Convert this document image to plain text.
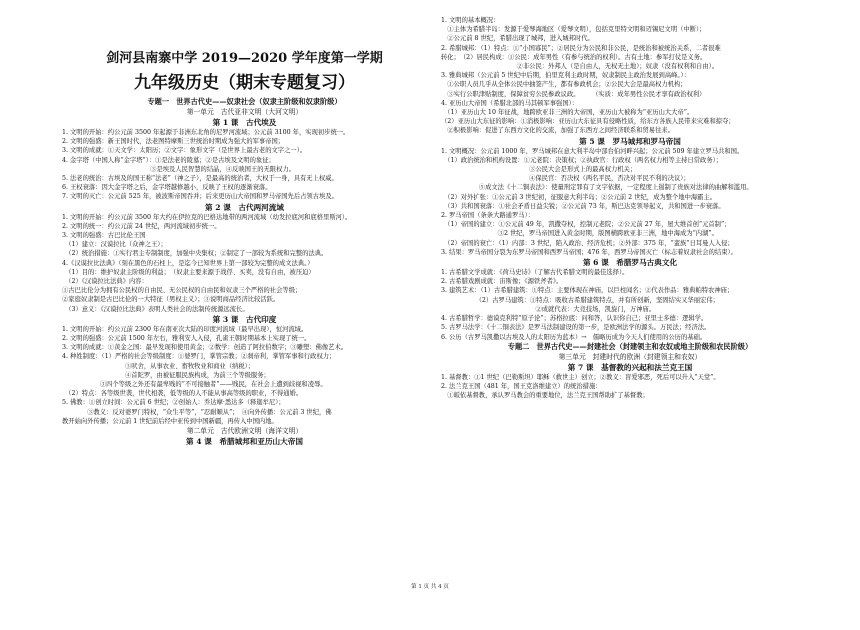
剑河县南寨中学 2019—2020 学年度第一学期
九年级历史（期末专题复习）
专题一　世界古代史——奴隶社会（奴隶主阶级和奴隶阶级）
第一单元　古代亚非文明（大河文明）
第 1 课　古代埃及
1. 文明的开始：约公元前 3500 年起源于非洲东北角的尼罗河流域；公元前 3100 年，实现初步统一。
2. 文明的强盛：新王国时代，法老图特摩斯三世统治时期成为强大的军事帝国；
3. 文明的成就：①天文学：太阳历；②文字：象形文字（是世界上最古老的文字之一）。
4. 金字塔（中国人称“金字塔”）：①是法老的陵墓；②是古埃及文明的象征；
　　　　　　　　　　　　　　③是埃及人民智慧的结晶，④反映国王的无限权力。
5. 法老的统治：古埃及的国王称“法老”（神之子），是最高的统治者，大权于一身，具有无上权威。
6. 王权衰落：因大金字塔之后，金字塔越修越小，反映了王权的逐渐衰落。
7. 文明的灭亡：公元前 525 年，被波斯帝国吞并；后来更历山大帝国和罗马帝国先后占领古埃及。
第 2 课　古代两河流域
1. 文明的开始：约公元前 3500 年大约在伊拉克的巴格达地带的两河流域（幼发拉底河和底格里斯河）。
2. 文明的统一：约公元前 24 世纪，两河流域初步统一。
3. 文明的强盛：古巴比伦王国
　（1）建立：汉谟拉比（众神之王）；
　（2）统治措施：①实行君主专制制度，加强中央集权；②制定了一部较为系统和完整的法典。
4.《汉谟拉比法典》（刻在黑色的石柱上，是迄今已知世界上第一部较为完整的成文法典。）
　（1）目的：维护奴隶主阶级的利益；　（奴隶主要来源于战俘、买卖，没有自由，被压迫）
　（2）《汉谟拉比法典》内容：
①古巴比伦分为拥有公民权的自由民、无公民权的自由民和奴隶三个严格的社会等级；
②家庭奴隶制是古巴比伦的一大特征（男权主义）；③说明商品经济比较活跃。
　（3）意义：《汉谟拉比法典》表明人类社会的法制传统源远流长。
第 3 课　古代印度
1. 文明的开始：约公元前 2300 年在南亚次大陆的印度河流域（最早出现），恒河流域。
2. 文明的强盛：公元前 1500 年左右，雅利安人入侵，孔雀王朝时期基本上实现了统一。
3. 文明的成就：①黄金之国：最早发现和使用黄金；②数学：创造了阿拉伯数字；③雕塑：佛像艺术。
4. 种姓制度：（1）严格的社会等级制度：①婆罗门，掌管宗教；②刹帝利，掌管军事和行政权力；
　　　　　　　　　　③吠舍，从事农业、畜牧牧业和商业（纳税）；
　　　　　　　　　　④首陀罗，由被征服民族构成，为前三个等级服务；
　　　　　　③四个等级之外还有最卑贱的“不可接触者”——贱民，在社会上遭到歧视和凌辱。
　（2）特点：各等级世袭，世代相袭，低等级的人不能从事高等级的职业，不得通婚。
5. 佛教：①创立时间：公元前 6 世纪；②创始人：乔达摩·悉达多（释迦牟尼）；
　　　　③教义：反对婆罗门特权，“众生平等”，“忍耐顺从”；　④向外传播：公元前 3 世纪，佛
教开始向外传播；公元前 1 世纪前后经中亚传到中国新疆，再传入中国内地。
第二单元　古代欧洲文明（海洋文明）
第 4 课　希腊城邦和亚历山大帝国
1. 文明的基本概况：
　①主体为希腊半岛：发源于爱琴海地区（爱琴文明），包括克里特文明和迈锡尼文明（中断）；
　②公元前 8 世纪，希腊出现了城邦，进入城邦时代。
2. 希腊城邦：（1）特点：①“小国寡民”；②居民分为公民和非公民，是统治和被统治关系，二者很难
转化；　（2）居民构成：①公民：成年男性（有参与统治的权利）。古有土地：参军打仗是义务。
　　　　　　　　　　　　②非公民：外邦人（是自由人，无权无土地）；奴隶（没有权利和自由）。
3. 雅典城邦（公元前 5 世纪中后期，伯里克利主政时期，奴隶制民主政治发展到高峰。）：
　①公职人员几乎从全体公民中抽签产生，都有参政机会；②公民大会是最高权力机构；
　③实行公职津贴制度，保障贫穷公民参政议政。　　　（实质：成年男性公民才享有政治权利）
4. 亚历山大帝国（希腊北部的马其顿军事强国）：
　（1）亚历山大 10 年征战，地跨欧亚非三洲的大帝国，亚历山大被称为“亚历山大大帝”。
（2）亚历山大东征的影响：①消极影响：亚历山大东征具有侵略性质，给东方各族人民带来灾难和掠夺；
　②积极影响：促进了东西方文化的交流，加强了东西方之间经济联系和贸易往来。
第 5 课　罗马城邦和罗马帝国
1. 文明概况：公元前 1000 年，罗马城邦在意大利半岛中部台伯河畔兴起；公元前 509 年建立罗马共和国。
　（1）政治统治和机构设置：①元老院：决策权；②执政官：行政权（两名权力相等主持日常政务）；
　　　　　　　　　　　　　　③公民大会是形式上的最高权力机关；
　　　　　　　　　　　　　　④保民官：否决权（两名平民，否决对平民不利的决议）；
　　　　　　⑤成文法《十二铜表法》：使量刑定罪有了文字依据，一定程度上遏制了贵族对法律的曲解和滥用。
　（2）对外扩张：①公元前 3 世纪初，征服意大利半岛；②公元前 2 世纪，成为整个地中海霸主。
　（3）共和国衰落：①社会矛盾日益尖锐；②公元前 73 年，斯巴达克领导起义，共和国进一步衰落。
2. 罗马帝国（条条大路通罗马）：
　（1）帝国的建立：①公元前 49 年，凯撒夺权，控制元老院；②公元前 27 年，屋大维首创“元首制”；
　　　　　　　　　③2 世纪，罗马帝国进入黄金时期，版图横跨欧亚非三洲，地中海成为“内湖”。
　（2）帝国的衰亡：（1）内部：3 世纪，陷入政治、经济危机；②外部：375 年，“蛮族”日耳曼人入侵；
3. 结果：罗马帝国分裂为东罗马帝国和西罗马帝国；476 年，西罗马帝国灭亡（标志着奴隶社会的结束）。
第 6 课　希腊罗马古典文化
1. 古希腊文学成就：《荷马史诗》（了解古代希腊文明的最佳选择）。
2. 古希腊戏剧成就：宙斯像；《源铁斧者》。
3. 建筑艺术：（1）古希腊建筑：①特点：主要体现在神庙，以巨柱闻名；②代表作品：雅典帕特农神庙；
　　　　　　（2）古罗马建筑：①特点：吸收古希腊建筑特点，并有所创新，坚固结实又华丽宏伟；
　　　　　　　　　　　　　　　②成就代表：大竞技场，凯旋门，万神庙。
4. 古希腊哲学：德谟克利特“原子论”；苏格拉底：问和答，认识你自己；亚里士多德：逻辑学。
5. 古罗马法学：《十二铜表法》是罗马法制建设的第一步，是欧洲法学的源头。万民法；经济法。
6. 公历（古罗马凯撒以古埃及人的太阳历为蓝本）→　儒略历成为今天人们使用的公历的基础。
专题二　世界古代史——封建社会（封建领主和农奴或地主阶级和农民阶级）
第三单元　封建时代的欧洲（封建领主和农奴）
第 7 课　基督教的兴起和法兰克王国
1. 基督教：①1 世纪（巴勒斯坦）耶稣（救世主）创立；②教义：盲爱邪恶，死后可以升入“天堂”。
2. 法兰克王国（481 年，国王克洛维建立）的统治措施：
　①皈依基督教，承认罗马教会的重要地位，法兰克王国帮助扩了基督教；
第 1 页 共 4 页
